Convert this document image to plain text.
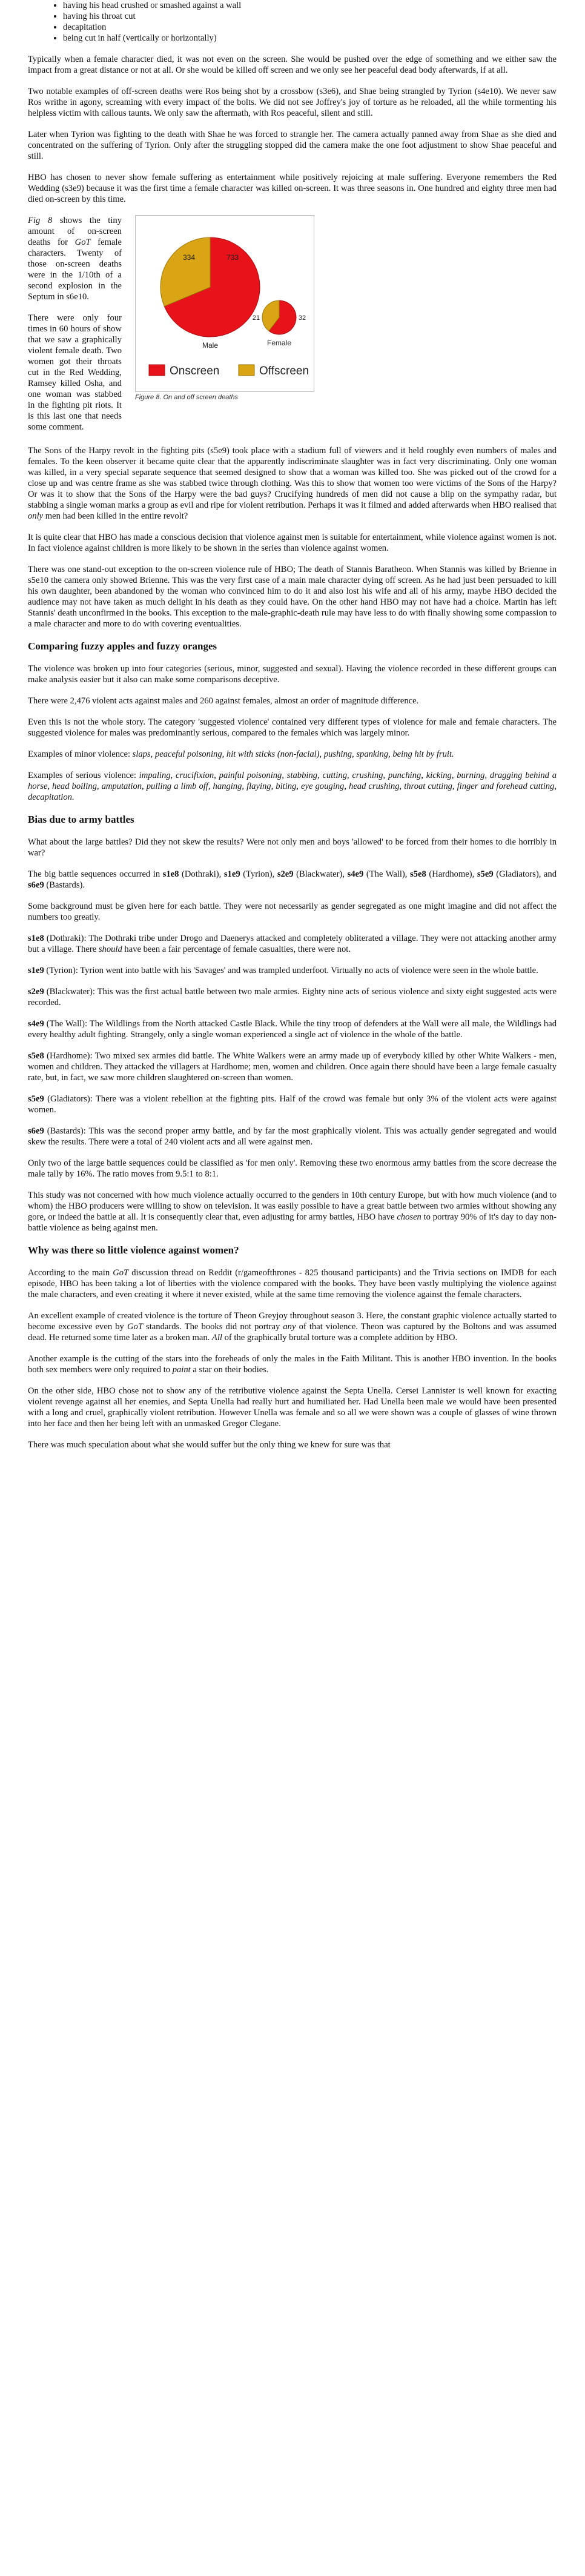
• having his head crushed or smashed against a wall
• having his throat cut
• decapitation
• being cut in half (vertically or horizontally)

Typically when a female character died, it was not even on the screen. She would be pushed over the edge of something and we either saw the impact from a great distance or not at all. Or she would be killed off screen and we only see her peaceful dead body afterwards, if at all.

Two notable examples of off-screen deaths were Ros being shot by a crossbow (s3e6), and Shae being strangled by Tyrion (s4e10). We never saw Ros writhe in agony, screaming with every impact of the bolts. We did not see Joffrey's joy of torture as he reloaded, all the while tormenting his helpless victim with callous taunts. We only saw the aftermath, with Ros peaceful, silent and still.

Later when Tyrion was fighting to the death with Shae he was forced to strangle her. The camera actually panned away from Shae as she died and concentrated on the suffering of Tyrion. Only after the struggling stopped did the camera make the one foot adjustment to show Shae peaceful and still.

HBO has chosen to never show female suffering as entertainment while positively rejoicing at male suffering. Everyone remembers the Red Wedding (s3e9) because it was the first time a female character was killed on-screen. It was three seasons in. One hundred and eighty three men had died on-screen by this time.

Fig 8 shows the tiny amount of on-screen deaths for GoT female characters. Twenty of those on-screen deaths were in the 1/10th of a second explosion in the Septum in s6e10.

There were only four times in 60 hours of show that we saw a graphically violent female death. Two women got their throats cut in the Red Wedding, Ramsey killed Osha, and one woman was stabbed in the fighting pit riots. It is this last one that needs some comment.

733
334
Male
32
21
Female
Onscreen	Offscreen
Figure 8. On and off screen deaths

The Sons of the Harpy revolt in the fighting pits (s5e9) took place with a stadium full of viewers and it held roughly even numbers of males and females. To the keen observer it became quite clear that the apparently indiscriminate slaughter was in fact very discriminating. Only one woman was killed, in a very special separate sequence that seemed designed to show that a woman was killed too. She was picked out of the crowd for a close up and was centre frame as she was stabbed twice through clothing. Was this to show that women too were victims of the Sons of the Harpy? Or was it to show that the Sons of the Harpy were the bad guys? Crucifying hundreds of men did not cause a blip on the sympathy radar, but stabbing a single woman marks a group as evil and ripe for violent retribution. Perhaps it was it filmed and added afterwards when HBO realised that only men had been killed in the entire revolt?

It is quite clear that HBO has made a conscious decision that violence against men is suitable for entertainment, while violence against women is not. In fact violence against children is more likely to be shown in the series than violence against women.

There was one stand-out exception to the on-screen violence rule of HBO; The death of Stannis Baratheon. When Stannis was killed by Brienne in s5e10 the camera only showed Brienne. This was the very first case of a main male character dying off screen. As he had just been persuaded to kill his own daughter, been abandoned by the woman who convinced him to do it and also lost his wife and all of his army, maybe HBO decided the audience may not have taken as much delight in his death as they could have. On the other hand HBO may not have had a choice. Martin has left Stannis' death unconfirmed in the books. This exception to the male-graphic-death rule may have less to do with finally showing some compassion to a male character and more to do with covering eventualities.

Comparing fuzzy apples and fuzzy oranges

The violence was broken up into four categories (serious, minor, suggested and sexual). Having the violence recorded in these different groups can make analysis easier but it also can make some comparisons deceptive.

There were 2,476 violent acts against males and 260 against females, almost an order of magnitude difference.

Even this is not the whole story. The category 'suggested violence' contained very different types of violence for male and female characters. The suggested violence for males was predominantly serious, compared to the females which was largely minor.

Examples of minor violence: slaps, peaceful poisoning, hit with sticks (non-facial), pushing, spanking, being hit by fruit.

Examples of serious violence: impaling, crucifixion, painful poisoning, stabbing, cutting, crushing, punching, kicking, burning, dragging behind a horse, head boiling, amputation, pulling a limb off, hanging, flaying, biting, eye gouging, head crushing, throat cutting, finger and forehead cutting, decapitation.

Bias due to army battles

What about the large battles? Did they not skew the results? Were not only men and boys 'allowed' to be forced from their homes to die horribly in war?

The big battle sequences occurred in s1e8 (Dothraki), s1e9 (Tyrion), s2e9 (Blackwater), s4e9 (The Wall), s5e8 (Hardhome), s5e9 (Gladiators), and s6e9 (Bastards).

Some background must be given here for each battle. They were not necessarily as gender segregated as one might imagine and did not affect the numbers too greatly.

s1e8 (Dothraki): The Dothraki tribe under Drogo and Daenerys attacked and completely obliterated a village. They were not attacking another army but a village. There should have been a fair percentage of female casualties, there were not.

s1e9 (Tyrion): Tyrion went into battle with his 'Savages' and was trampled underfoot. Virtually no acts of violence were seen in the whole battle.

s2e9 (Blackwater): This was the first actual battle between two male armies. Eighty nine acts of serious violence and sixty eight suggested acts were recorded.

s4e9 (The Wall): The Wildlings from the North attacked Castle Black. While the tiny troop of defenders at the Wall were all male, the Wildlings had every healthy adult fighting. Strangely, only a single woman experienced a single act of violence in the whole of the battle.

s5e8 (Hardhome): Two mixed sex armies did battle. The White Walkers were an army made up of everybody killed by other White Walkers - men, women and children. They attacked the villagers at Hardhome; men, women and children. Once again there should have been a large female casualty rate, but, in fact, we saw more children slaughtered on-screen than women.

s5e9 (Gladiators): There was a violent rebellion at the fighting pits. Half of the crowd was female but only 3% of the violent acts were against women.

s6e9 (Bastards): This was the second proper army battle, and by far the most graphically violent. This was actually gender segregated and would skew the results. There were a total of 240 violent acts and all were against men.

Only two of the large battle sequences could be classified as 'for men only'. Removing these two enormous army battles from the score decrease the male tally by 16%. The ratio moves from 9.5:1 to 8:1.

This study was not concerned with how much violence actually occurred to the genders in 10th century Europe, but with how much violence (and to whom) the HBO producers were willing to show on television. It was easily possible to have a great battle between two armies without showing any gore, or indeed the battle at all. It is consequently clear that, even adjusting for army battles, HBO have chosen to portray 90% of it's day to day non-battle violence as being against men.

Why was there so little violence against women?

According to the main GoT discussion thread on Reddit (r/gameofthrones - 825 thousand participants) and the Trivia sections on IMDB for each episode, HBO has been taking a lot of liberties with the violence compared with the books. They have been vastly multiplying the violence against the male characters, and even creating it where it never existed, while at the same time removing the violence against the female characters.

An excellent example of created violence is the torture of Theon Greyjoy throughout season 3. Here, the constant graphic violence actually started to become excessive even by GoT standards. The books did not portray any of that violence. Theon was captured by the Boltons and was assumed dead. He returned some time later as a broken man. All of the graphically brutal torture was a complete addition by HBO.

Another example is the cutting of the stars into the foreheads of only the males in the Faith Militant. This is another HBO invention. In the books both sex members were only required to paint a star on their bodies.

On the other side, HBO chose not to show any of the retributive violence against the Septa Unella. Cersei Lannister is well known for exacting violent revenge against all her enemies, and Septa Unella had really hurt and humiliated her. Had Unella been male we would have been presented with a long and cruel, graphically violent retribution. However Unella was female and so all we were shown was a couple of glasses of wine thrown into her face and then her being left with an unmasked Gregor Clegane.

There was much speculation about what she would suffer but the only thing we knew for sure was that
